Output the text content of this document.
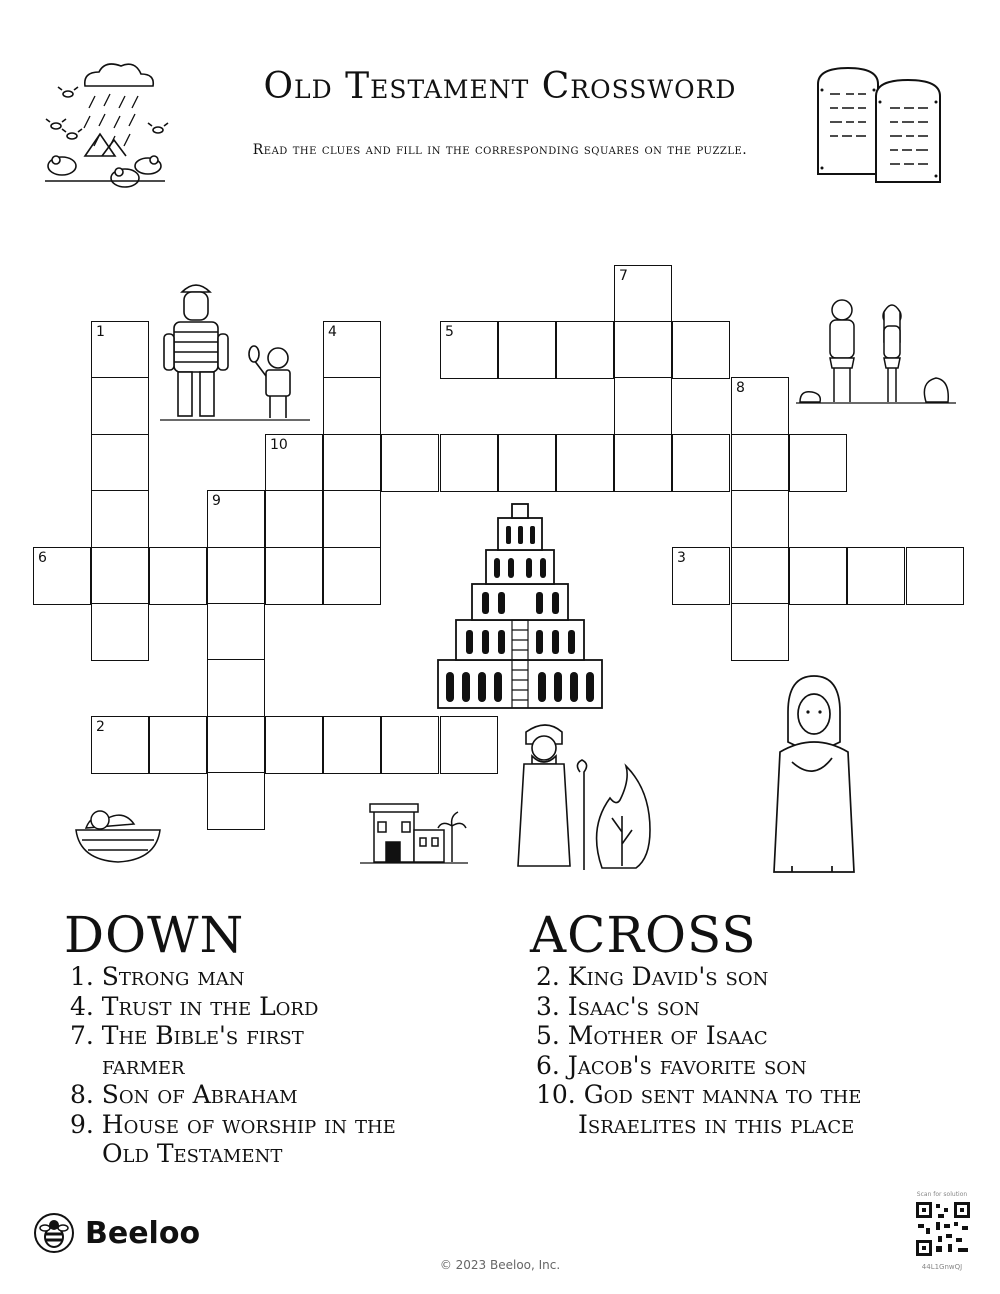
Old Testament Crossword
Read the clues and fill in the corresponding squares on the puzzle.
7
1	4	5
8
10
9
6	3
2
DOWN
1. Strong man
4. Trust in the Lord
7. The Bible's first farmer
8. Son of Abraham
9. House of worship in the Old Testament
ACROSS
2. King David's son
3. Isaac's son
5. Mother of Isaac
6. Jacob's favorite son
10. God sent manna to the Israelites in this place
Beeloo
© 2023 Beeloo, Inc.
Scan for solution
44L1GnwQJ
